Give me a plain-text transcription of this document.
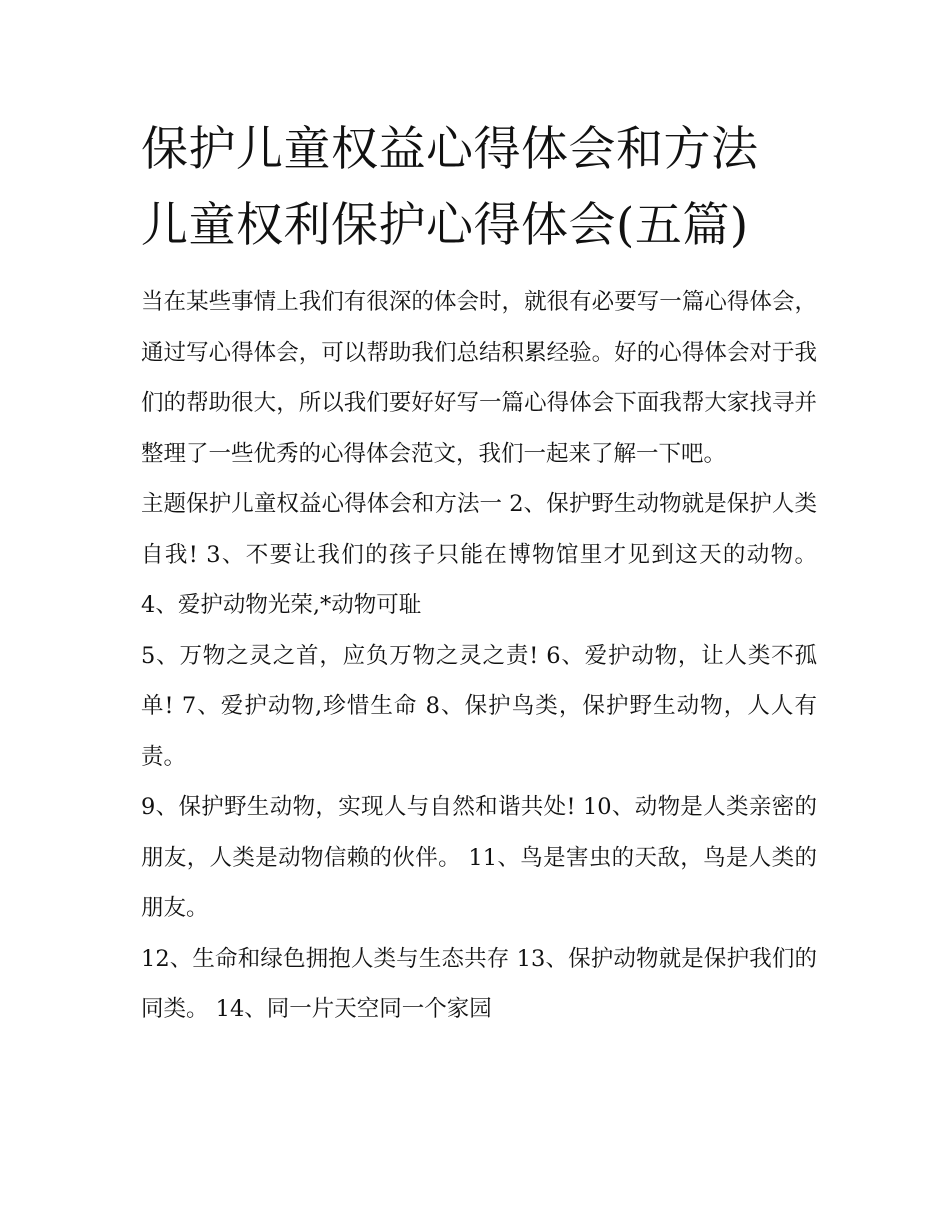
保护儿童权益心得体会和方法
儿童权利保护心得体会(五篇)

当在某些事情上我们有很深的体会时，就很有必要写一篇心得体会，通过写心得体会，可以帮助我们总结积累经验。好的心得体会对于我们的帮助很大，所以我们要好好写一篇心得体会下面我帮大家找寻并整理了一些优秀的心得体会范文，我们一起来了解一下吧。

主题保护儿童权益心得体会和方法一 2、保护野生动物就是保护人类自我! 3、不要让我们的孩子只能在博物馆里才见到这天的动物。 4、爱护动物光荣,*动物可耻

5、万物之灵之首，应负万物之灵之责! 6、爱护动物，让人类不孤单! 7、爱护动物,珍惜生命 8、保护鸟类，保护野生动物，人人有责。

9、保护野生动物，实现人与自然和谐共处! 10、动物是人类亲密的朋友，人类是动物信赖的伙伴。 11、鸟是害虫的天敌，鸟是人类的朋友。

12、生命和绿色拥抱人类与生态共存 13、保护动物就是保护我们的同类。 14、同一片天空同一个家园
